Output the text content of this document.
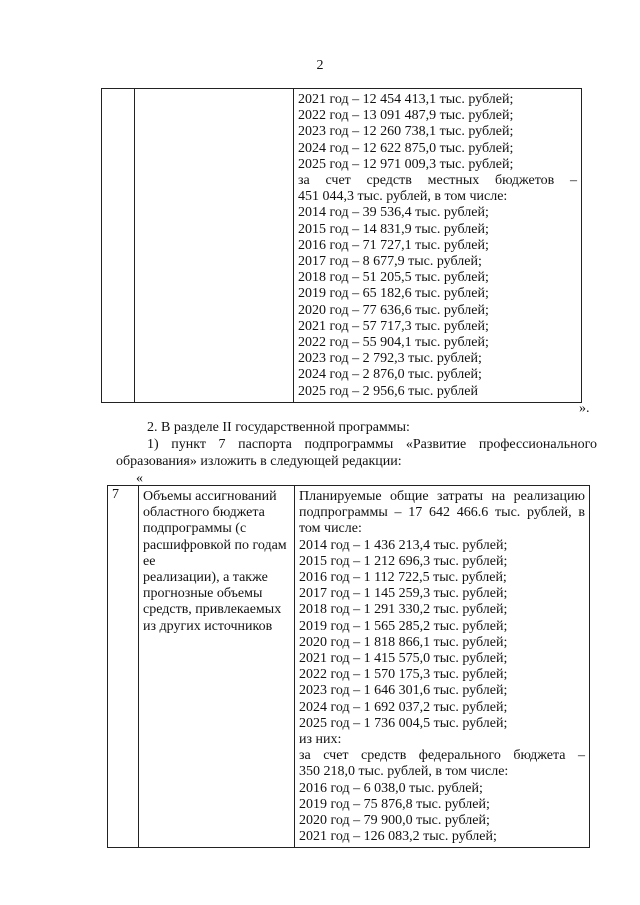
2

2021 год – 12 454 413,1 тыс. рублей;
2022 год – 13 091 487,9 тыс. рублей;
2023 год – 12 260 738,1 тыс. рублей;
2024 год – 12 622 875,0 тыс. рублей;
2025 год – 12 971 009,3 тыс. рублей;
за счет средств местных бюджетов –
451 044,3 тыс. рублей, в том числе:
2014 год – 39 536,4 тыс. рублей;
2015 год – 14 831,9 тыс. рублей;
2016 год – 71 727,1 тыс. рублей;
2017 год – 8 677,9 тыс. рублей;
2018 год – 51 205,5 тыс. рублей;
2019 год – 65 182,6 тыс. рублей;
2020 год – 77 636,6 тыс. рублей;
2021 год – 57 717,3 тыс. рублей;
2022 год – 55 904,1 тыс. рублей;
2023 год – 2 792,3 тыс. рублей;
2024 год – 2 876,0 тыс. рублей;
2025 год – 2 956,6 тыс. рублей
».
2. В разделе II государственной программы:
1) пункт 7 паспорта подпрограммы «Развитие профессионального
образования» изложить в следующей редакции:
«
7	Объемы ассигнований
областного бюджета
подпрограммы (с
расшифровкой по годам
ее
реализации), а также
прогнозные объемы
средств, привлекаемых
из других источников

Планируемые общие затраты на реализацию
подпрограммы – 17 642 466.6 тыс. рублей, в
том числе:
2014 год – 1 436 213,4 тыс. рублей;
2015 год – 1 212 696,3 тыс. рублей;
2016 год – 1 112 722,5 тыс. рублей;
2017 год – 1 145 259,3 тыс. рублей;
2018 год – 1 291 330,2 тыс. рублей;
2019 год – 1 565 285,2 тыс. рублей;
2020 год – 1 818 866,1 тыс. рублей;
2021 год – 1 415 575,0 тыс. рублей;
2022 год – 1 570 175,3 тыс. рублей;
2023 год – 1 646 301,6 тыс. рублей;
2024 год – 1 692 037,2 тыс. рублей;
2025 год – 1 736 004,5 тыс. рублей;
из них:
за счет средств федерального бюджета –
350 218,0 тыс. рублей, в том числе:
2016 год – 6 038,0 тыс. рублей;
2019 год – 75 876,8 тыс. рублей;
2020 год – 79 900,0 тыс. рублей;
2021 год – 126 083,2 тыс. рублей;
